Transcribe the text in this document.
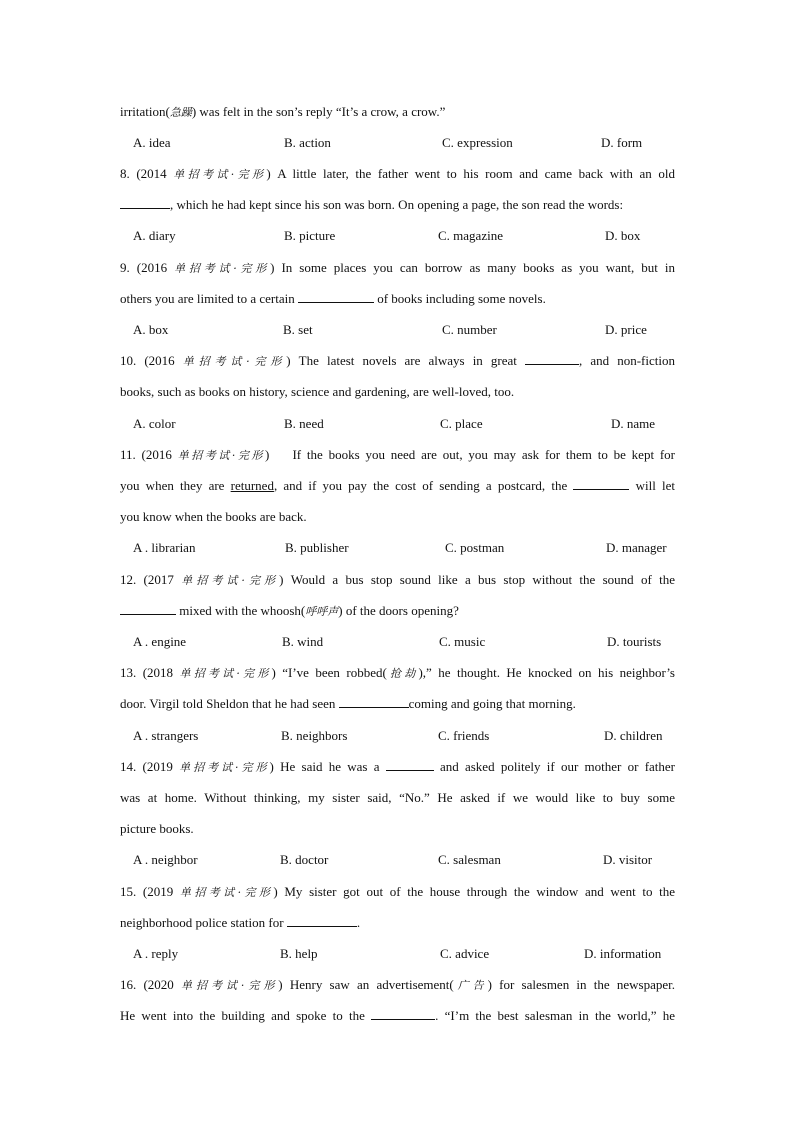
irritation(急躁) was felt in the son’s reply “It’s a crow, a crow.”
A. idea	B. action	C. expression	D. form
8. (2014 单招考试·完形) A little later, the father went to his room and came back with an old
, which he had kept since his son was born. On opening a page, the son read the words:
A. diary	B. picture	C. magazine	D. box
9. (2016 单招考试·完形) In some places you can borrow as many books as you want, but in
others you are limited to a certain	of books including some novels.
A. box	B. set	C. number	D. price
10. (2016 单招考试·完形) The latest novels are always in great	, and non-fiction
books, such as books on history, science and gardening, are well-loved, too.
A. color	B. need	C. place	D. name
11. (2016 单招考试·完形)    If the books you need are out, you may ask for them to be kept for
you when they are returned, and if you pay the cost of sending a postcard, the	will let
you know when the books are back.
A . librarian	B. publisher	C. postman	D. manager
12. (2017 单招考试·完形) Would a bus stop sound like a bus stop without the sound of the
mixed with the whoosh(呼呼声) of the doors opening?
A . engine	B. wind	C. music	D. tourists
13. (2018 单招考试·完形) “I’ve been robbed(抢劫),” he thought. He knocked on his neighbor’s
door. Virgil told Sheldon that he had seen	coming and going that morning.
A . strangers	B. neighbors	C. friends	D. children
14. (2019 单招考试·完形) He said he was a	and asked politely if our mother or father
was at home. Without thinking, my sister said, “No.” He asked if we would like to buy some
picture books.
A . neighbor	B. doctor	C. salesman	D. visitor
15. (2019 单招考试·完形) My sister got out of the house through the window and went to the
neighborhood police station for	.
A . reply	B. help	C. advice	D. information
16. (2020 单招考试·完形) Henry saw an advertisement(广告) for salesmen in the newspaper.
He went into the building and spoke to the	. “I’m the best salesman in the world,” he
